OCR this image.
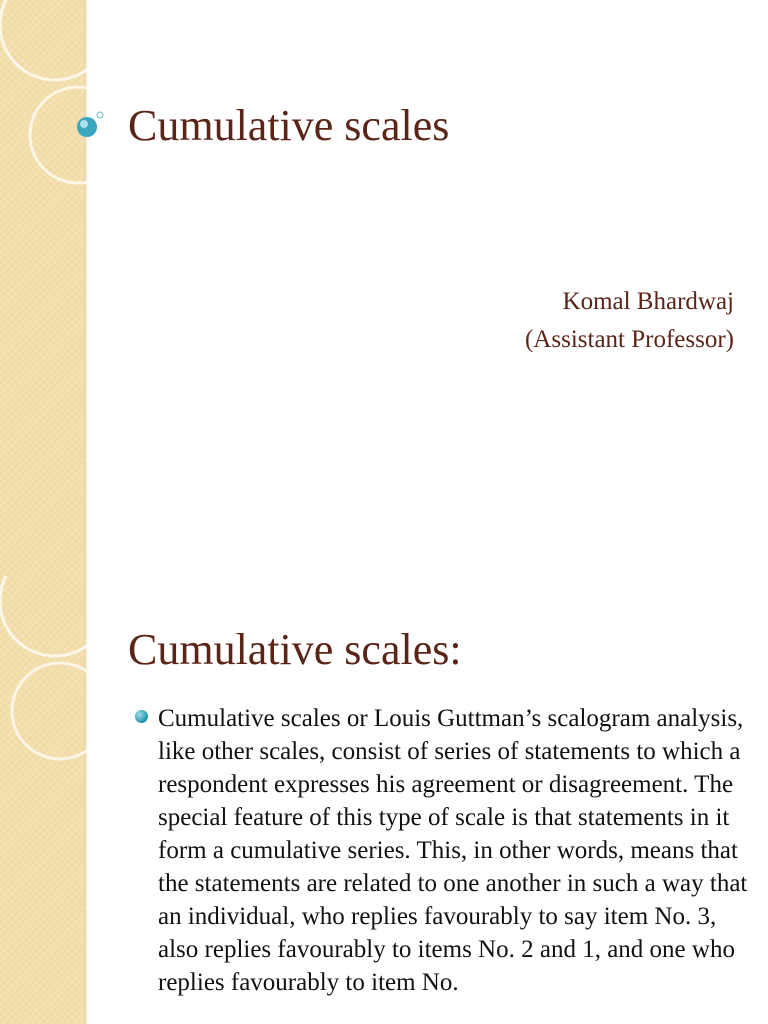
Cumulative scales
Komal Bhardwaj
(Assistant Professor)
Cumulative scales:

Cumulative scales or Louis Guttman’s scalogram analysis, like other scales, consist of series of statements to which a respondent expresses his agreement or disagreement. The special feature of this type of scale is that statements in it form a cumulative series. This, in other words, means that the statements are related to one another in such a way that an individual, who replies favourably to say item No. 3, also replies favourably to items No. 2 and 1, and one who replies favourably to item No.
